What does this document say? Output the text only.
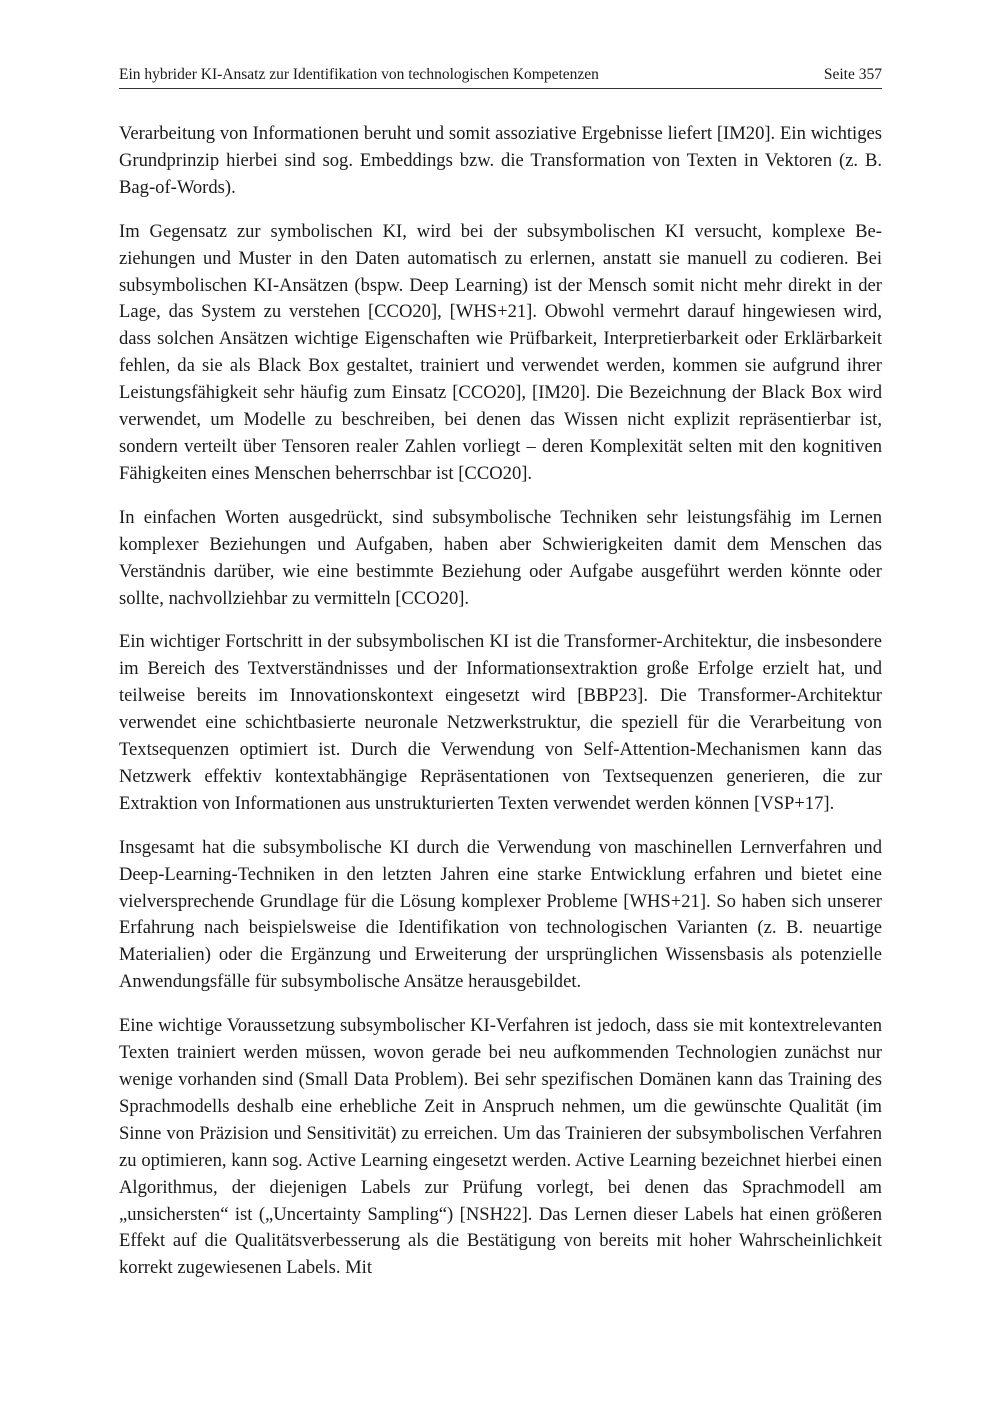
Ein hybrider KI-Ansatz zur Identifikation von technologischen Kompetenzen	Seite 357

Verarbeitung von Informationen beruht und somit assoziative Ergebnisse liefert [IM20]. Ein wichtiges Grundprinzip hierbei sind sog. Embeddings bzw. die Transformation von Texten in Vektoren (z. B. Bag-of-Words).

Im Gegensatz zur symbolischen KI, wird bei der subsymbolischen KI versucht, komplexe Beziehungen und Muster in den Daten automatisch zu erlernen, anstatt sie manuell zu codieren. Bei subsymbolischen KI-Ansätzen (bspw. Deep Learning) ist der Mensch somit nicht mehr direkt in der Lage, das System zu verstehen [CCO20], [WHS+21]. Obwohl vermehrt darauf hingewiesen wird, dass solchen Ansätzen wichtige Eigenschaften wie Prüfbarkeit, Interpretierbarkeit oder Erklärbarkeit fehlen, da sie als Black Box gestaltet, trainiert und verwendet werden, kommen sie aufgrund ihrer Leistungsfähigkeit sehr häufig zum Einsatz [CCO20], [IM20]. Die Bezeichnung der Black Box wird verwendet, um Modelle zu beschreiben, bei denen das Wissen nicht explizit repräsentierbar ist, sondern verteilt über Tensoren realer Zahlen vorliegt – deren Komplexität selten mit den kognitiven Fähigkeiten eines Menschen beherrschbar ist [CCO20].

In einfachen Worten ausgedrückt, sind subsymbolische Techniken sehr leistungsfähig im Lernen komplexer Beziehungen und Aufgaben, haben aber Schwierigkeiten damit dem Menschen das Verständnis darüber, wie eine bestimmte Beziehung oder Aufgabe ausgeführt werden könnte oder sollte, nachvollziehbar zu vermitteln [CCO20].

Ein wichtiger Fortschritt in der subsymbolischen KI ist die Transformer-Architektur, die insbesondere im Bereich des Textverständnisses und der Informationsextraktion große Erfolge erzielt hat, und teilweise bereits im Innovationskontext eingesetzt wird [BBP23]. Die Transformer-Architektur verwendet eine schichtbasierte neuronale Netzwerkstruktur, die speziell für die Verarbeitung von Textsequenzen optimiert ist. Durch die Verwendung von Self-Attention-Mechanismen kann das Netzwerk effektiv kontextabhängige Repräsentationen von Textsequenzen generieren, die zur Extraktion von Informationen aus unstrukturierten Texten verwendet werden können [VSP+17].

Insgesamt hat die subsymbolische KI durch die Verwendung von maschinellen Lernverfahren und Deep-Learning-Techniken in den letzten Jahren eine starke Entwicklung erfahren und bietet eine vielversprechende Grundlage für die Lösung komplexer Probleme [WHS+21]. So haben sich unserer Erfahrung nach beispielsweise die Identifikation von technologischen Varianten (z. B. neuartige Materialien) oder die Ergänzung und Erweiterung der ursprünglichen Wissensbasis als potenzielle Anwendungsfälle für subsymbolische Ansätze herausgebildet.

Eine wichtige Voraussetzung subsymbolischer KI-Verfahren ist jedoch, dass sie mit kontextrelevanten Texten trainiert werden müssen, wovon gerade bei neu aufkommenden Technologien zunächst nur wenige vorhanden sind (Small Data Problem). Bei sehr spezifischen Domänen kann das Training des Sprachmodells deshalb eine erhebliche Zeit in Anspruch nehmen, um die gewünschte Qualität (im Sinne von Präzision und Sensitivität) zu erreichen. Um das Trainieren der subsymbolischen Verfahren zu optimieren, kann sog. Active Learning eingesetzt werden. Active Learning bezeichnet hierbei einen Algorithmus, der diejenigen Labels zur Prüfung vorlegt, bei denen das Sprachmodell am „unsichersten“ ist („Uncertainty Sampling“) [NSH22]. Das Lernen dieser Labels hat einen größeren Effekt auf die Qualitätsverbesserung als die Bestätigung von bereits mit hoher Wahrscheinlichkeit korrekt zugewiesenen Labels. Mit
